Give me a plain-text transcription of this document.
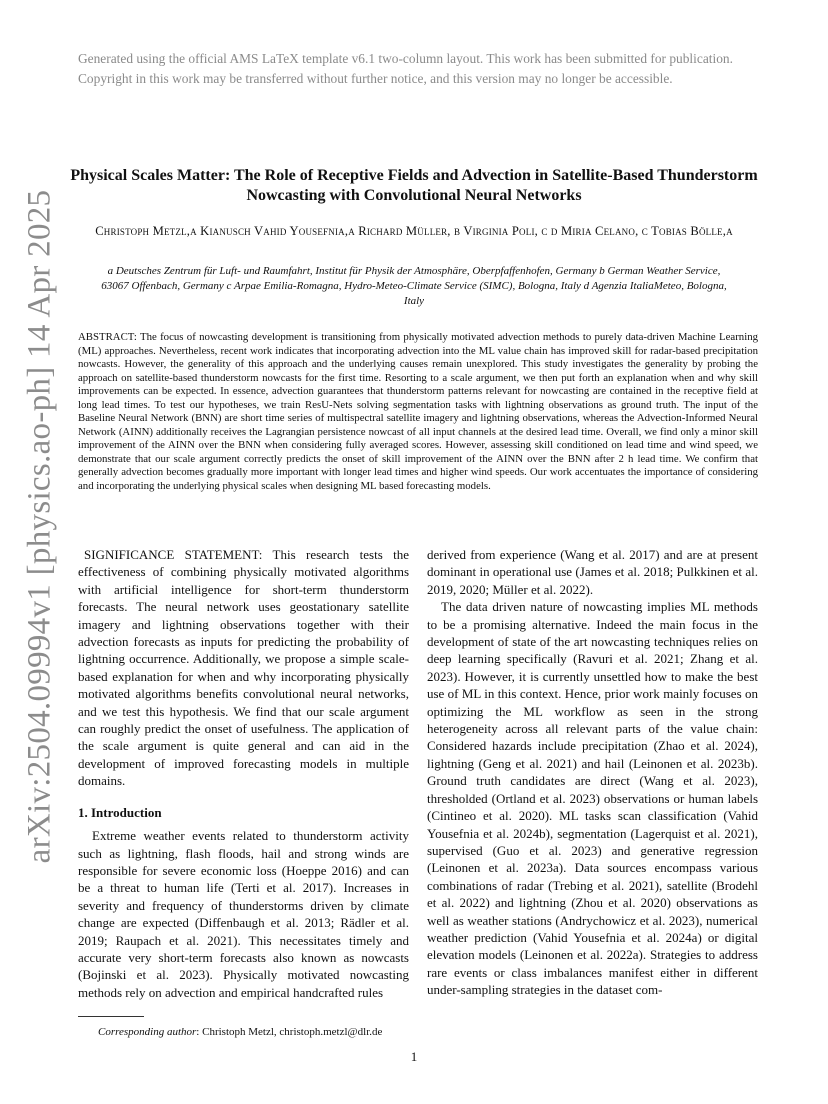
Generated using the official AMS LaTeX template v6.1 two-column layout. This work has been submitted for publication. Copyright in this work may be transferred without further notice, and this version may no longer be accessible.
arXiv:2504.09994v1 [physics.ao-ph] 14 Apr 2025
Physical Scales Matter: The Role of Receptive Fields and Advection in Satellite-Based Thunderstorm Nowcasting with Convolutional Neural Networks
Christoph Metzl,a Kianusch Vahid Yousefnia,a Richard Müller, b Virginia Poli, c d Miria Celano, c Tobias Bölle,a
a Deutsches Zentrum für Luft- und Raumfahrt, Institut für Physik der Atmosphäre, Oberpfaffenhofen, Germany b German Weather Service, 63067 Offenbach, Germany c Arpae Emilia-Romagna, Hydro-Meteo-Climate Service (SIMC), Bologna, Italy d Agenzia ItaliaMeteo, Bologna, Italy
ABSTRACT: The focus of nowcasting development is transitioning from physically motivated advection methods to purely data-driven Machine Learning (ML) approaches. Nevertheless, recent work indicates that incorporating advection into the ML value chain has improved skill for radar-based precipitation nowcasts. However, the generality of this approach and the underlying causes remain unexplored. This study investigates the generality by probing the approach on satellite-based thunderstorm nowcasts for the first time. Resorting to a scale argument, we then put forth an explanation when and why skill improvements can be expected. In essence, advection guarantees that thunderstorm patterns relevant for nowcasting are contained in the receptive field at long lead times. To test our hypotheses, we train ResU-Nets solving segmentation tasks with lightning observations as ground truth. The input of the Baseline Neural Network (BNN) are short time series of multispectral satellite imagery and lightning observations, whereas the Advection-Informed Neural Network (AINN) additionally receives the Lagrangian persistence nowcast of all input channels at the desired lead time. Overall, we find only a minor skill improvement of the AINN over the BNN when considering fully averaged scores. However, assessing skill conditioned on lead time and wind speed, we demonstrate that our scale argument correctly predicts the onset of skill improvement of the AINN over the BNN after 2 h lead time. We confirm that generally advection becomes gradually more important with longer lead times and higher wind speeds. Our work accentuates the importance of considering and incorporating the underlying physical scales when designing ML based forecasting models.

SIGNIFICANCE STATEMENT: This research tests the effectiveness of combining physically motivated algorithms with artificial intelligence for short-term thunderstorm forecasts. The neural network uses geostationary satellite imagery and lightning observations together with their advection forecasts as inputs for predicting the probability of lightning occurrence. Additionally, we propose a simple scale-based explanation for when and why incorporating physically motivated algorithms benefits convolutional neural networks, and we test this hypothesis. We find that our scale argument can roughly predict the onset of usefulness. The application of the scale argument is quite general and can aid in the development of improved forecasting models in multiple domains.

1. Introduction

Extreme weather events related to thunderstorm activity such as lightning, flash floods, hail and strong winds are responsible for severe economic loss (Hoeppe 2016) and can be a threat to human life (Terti et al. 2017). Increases in severity and frequency of thunderstorms driven by climate change are expected (Diffenbaugh et al. 2013; Rädler et al. 2019; Raupach et al. 2021). This necessitates timely and accurate very short-term forecasts also known as nowcasts (Bojinski et al. 2023). Physically motivated nowcasting methods rely on advection and empirical handcrafted rules

derived from experience (Wang et al. 2017) and are at present dominant in operational use (James et al. 2018; Pulkkinen et al. 2019, 2020; Müller et al. 2022).

The data driven nature of nowcasting implies ML methods to be a promising alternative. Indeed the main focus in the development of state of the art nowcasting techniques relies on deep learning specifically (Ravuri et al. 2021; Zhang et al. 2023). However, it is currently unsettled how to make the best use of ML in this context. Hence, prior work mainly focuses on optimizing the ML workflow as seen in the strong heterogeneity across all relevant parts of the value chain: Considered hazards include precipitation (Zhao et al. 2024), lightning (Geng et al. 2021) and hail (Leinonen et al. 2023b). Ground truth candidates are direct (Wang et al. 2023), thresholded (Ortland et al. 2023) observations or human labels (Cintineo et al. 2020). ML tasks scan classification (Vahid Yousefnia et al. 2024b), segmentation (Lagerquist et al. 2021), supervised (Guo et al. 2023) and generative regression (Leinonen et al. 2023a). Data sources encompass various combinations of radar (Trebing et al. 2021), satellite (Brodehl et al. 2022) and lightning (Zhou et al. 2020) observations as well as weather stations (Andrychowicz et al. 2023), numerical weather prediction (Vahid Yousefnia et al. 2024a) or digital elevation models (Leinonen et al. 2022a). Strategies to address rare events or class imbalances manifest either in different under-sampling strategies in the dataset com-

Corresponding author: Christoph Metzl, christoph.metzl@dlr.de
1
